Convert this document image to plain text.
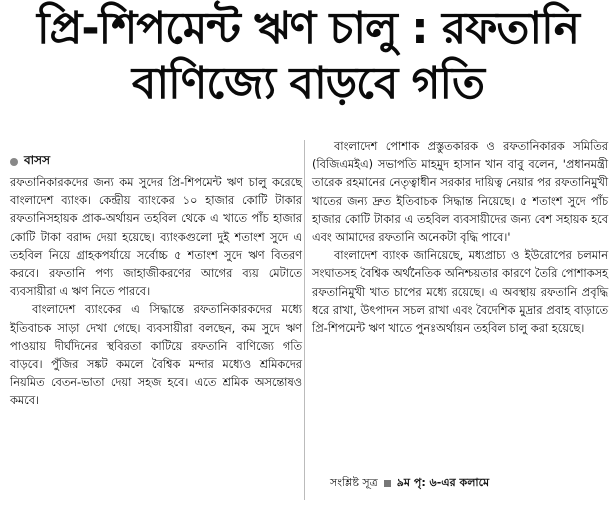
প্রি-শিপমেন্ট ঋণ চালু : রফতানি
বাণিজ্যে বাড়বে গতি
বাসস

রফতানিকারকদের জন্য কম সুদের প্রি-শিপমেন্ট ঋণ চালু করেছে বাংলাদেশ ব্যাংক। কেন্দ্রীয় ব্যাংকের ১০ হাজার কোটি টাকার রফতানিসহায়ক প্রাক-অর্থায়ন তহবিল থেকে এ খাতে পাঁচ হাজার কোটি টাকা বরাদ্দ দেয়া হয়েছে। ব্যাংকগুলো দুই শতাংশ সুদে এ তহবিল নিয়ে গ্রাহকপর্যায়ে সর্বোচ্চ ৫ শতাংশ সুদে ঋণ বিতরণ করবে। রফতানি পণ্য জাহাজীকরণের আগের ব্যয় মেটাতে ব্যবসায়ীরা এ ঋণ নিতে পারবে।

বাংলাদেশ ব্যাংকের এ সিদ্ধান্তে রফতানিকারকদের মধ্যে ইতিবাচক সাড়া দেখা গেছে। ব্যবসায়ীরা বলছেন, কম সুদে ঋণ পাওয়ায় দীর্ঘদিনের স্থবিরতা কাটিয়ে রফতানি বাণিজ্যে গতি বাড়বে। পুঁজির সঙ্কট কমলে বৈশ্বিক মন্দার মধ্যেও শ্রমিকদের নিয়মিত বেতন-ভাতা দেয়া সহজ হবে। এতে শ্রমিক অসন্তোষও কমবে।

বাংলাদেশ পোশাক প্রস্তুতকারক ও রফতানিকারক সমিতির (বিজিএমইএ) সভাপতি মাহমুদ হাসান খান বাবু বলেন, 'প্রধানমন্ত্রী তারেক রহমানের নেতৃত্বাধীন সরকার দায়িত্ব নেয়ার পর রফতানিমুখী খাতের জন্য দ্রুত ইতিবাচক সিদ্ধান্ত নিয়েছে। ৫ শতাংশ সুদে পাঁচ হাজার কোটি টাকার এ তহবিল ব্যবসায়ীদের জন্য বেশ সহায়ক হবে এবং আমাদের রফতানি অনেকটা বৃদ্ধি পাবে।'

বাংলাদেশ ব্যাংক জানিয়েছে, মধ্যপ্রাচ্য ও ইউরোপের চলমান সংঘাতসহ বৈশ্বিক অর্থনৈতিক অনিশ্চয়তার কারণে তৈরি পোশাকসহ রফতানিমুখী খাত চাপের মধ্যে রয়েছে। এ অবস্থায় রফতানি প্রবৃদ্ধি ধরে রাখা, উৎপাদন সচল রাখা এবং বৈদেশিক মুদ্রার প্রবাহ বাড়াতে প্রি-শিপমেন্ট ঋণ খাতে পুনঃঅর্থায়ন তহবিল চালু করা হয়েছে।

সংশ্লিষ্ট সূত্র ৯ম পৃ: ৬-এর কলামে
